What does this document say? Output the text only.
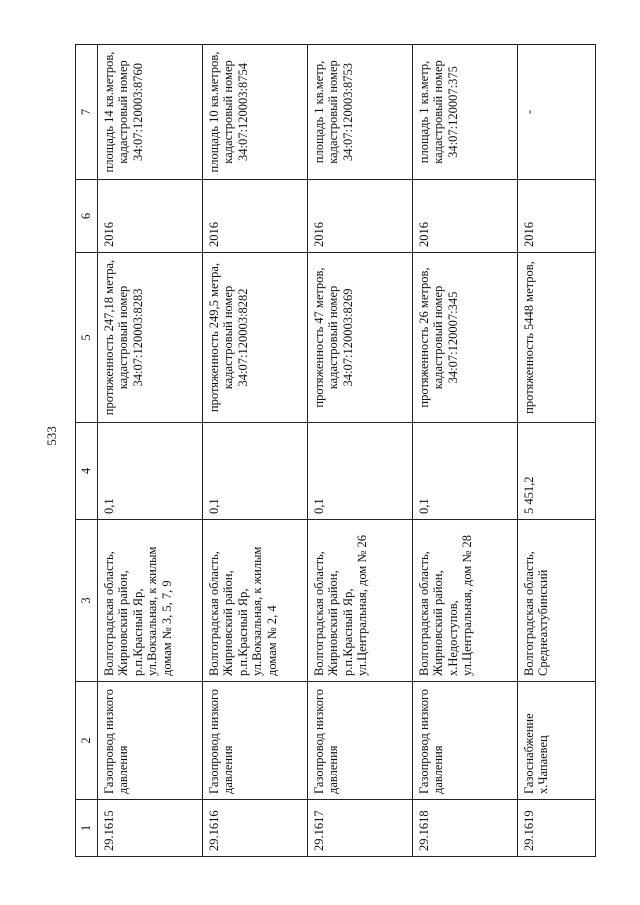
533
1	2	3	4	5	6	7
29.1615	Газопровод низкого давления	Волгоградская область, Жирновский район, р.п.Красный Яр, ул.Вокзальная, к жилым домам № 3, 5, 7, 9	0,1	протяженность 247,18 метра, кадастровый номер 34:07:120003:8283	2016	площадь 14 кв.метров, кадастровый номер 34:07:120003:8760
29.1616	Газопровод низкого давления	Волгоградская область, Жирновский район, р.п.Красный Яр, ул.Вокзальная, к жилым домам № 2, 4	0,1	протяженность 249,5 метра, кадастровый номер 34:07:120003:8282	2016	площадь 10 кв.метров, кадастровый номер 34:07:120003:8754
29.1617	Газопровод низкого давления	Волгоградская область, Жирновский район, р.п.Красный Яр, ул.Центральная, дом № 26	0,1	протяженность 47 метров, кадастровый номер 34:07:120003:8269	2016	площадь 1 кв.метр, кадастровый номер 34:07:120003:8753
29.1618	Газопровод низкого давления	Волгоградская область, Жирновский район, х.Недоступов, ул.Центральная, дом № 28	0,1	протяженность 26 метров, кадастровый номер 34:07:120007:345	2016	площадь 1 кв.метр, кадастровый номер 34:07:120007:375
29.1619	Газоснабжение х.Чапаевец	Волгоградская область, Среднеахтубинский	5 451,2	протяженность 5448 метров,	2016	-
